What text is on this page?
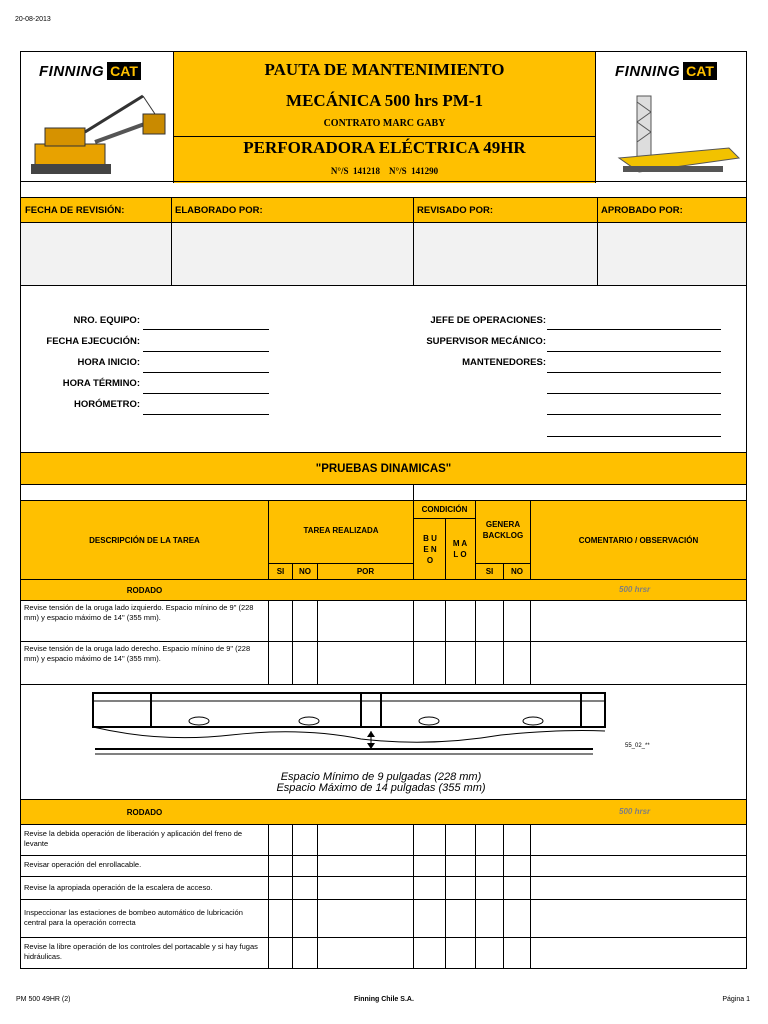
20-08-2013
FINNING CAT	PAUTA DE MANTENIMIENTO
MECÁNICA 500 hrs PM-1
CONTRATO MARC GABY
PERFORADORA ELÉCTRICA 49HR
N°/S  141218    N°/S  141290
FINNING CAT
FECHA DE REVISIÓN:	ELABORADO POR:	REVISADO POR:	APROBADO POR:
NRO. EQUIPO:
FECHA EJECUCIÓN:
HORA INICIO:
HORA TÉRMINO:
HORÓMETRO:
JEFE DE OPERACIONES:
SUPERVISOR MECÁNICO:
MANTENEDORES:
"PRUEBAS DINAMICAS"
DESCRIPCIÓN DE LA TAREA
TAREA REALIZADA
SI	NO	POR
CONDICIÓN
B U E N O
M A L O
GENERA BACKLOG
SI	NO
COMENTARIO / OBSERVACIÓN
RODADO	500 hrsr
Revise tensión de la oruga lado izquierdo. Espacio mínino de 9" (228 mm) y espacio máximo de 14" (355 mm).
Revise tensión de la oruga lado derecho. Espacio mínino de 9" (228 mm) y espacio máximo de 14" (355 mm).
55_02_**
Espacio Mínimo de 9 pulgadas (228 mm)
Espacio Máximo de 14 pulgadas (355 mm)
RODADO	500 hrsr
Revise la debida operación de liberación y aplicación del freno de levante
Revisar operación del enrollacable.
Revise la apropiada operación de la escalera de acceso.
Inspeccionar las estaciones de bombeo automático de lubricación central para la operación correcta
Revise la libre operación de los controles del portacable y si hay fugas hidráulicas.
PM 500 49HR (2)	Finning Chile S.A.	Página 1
